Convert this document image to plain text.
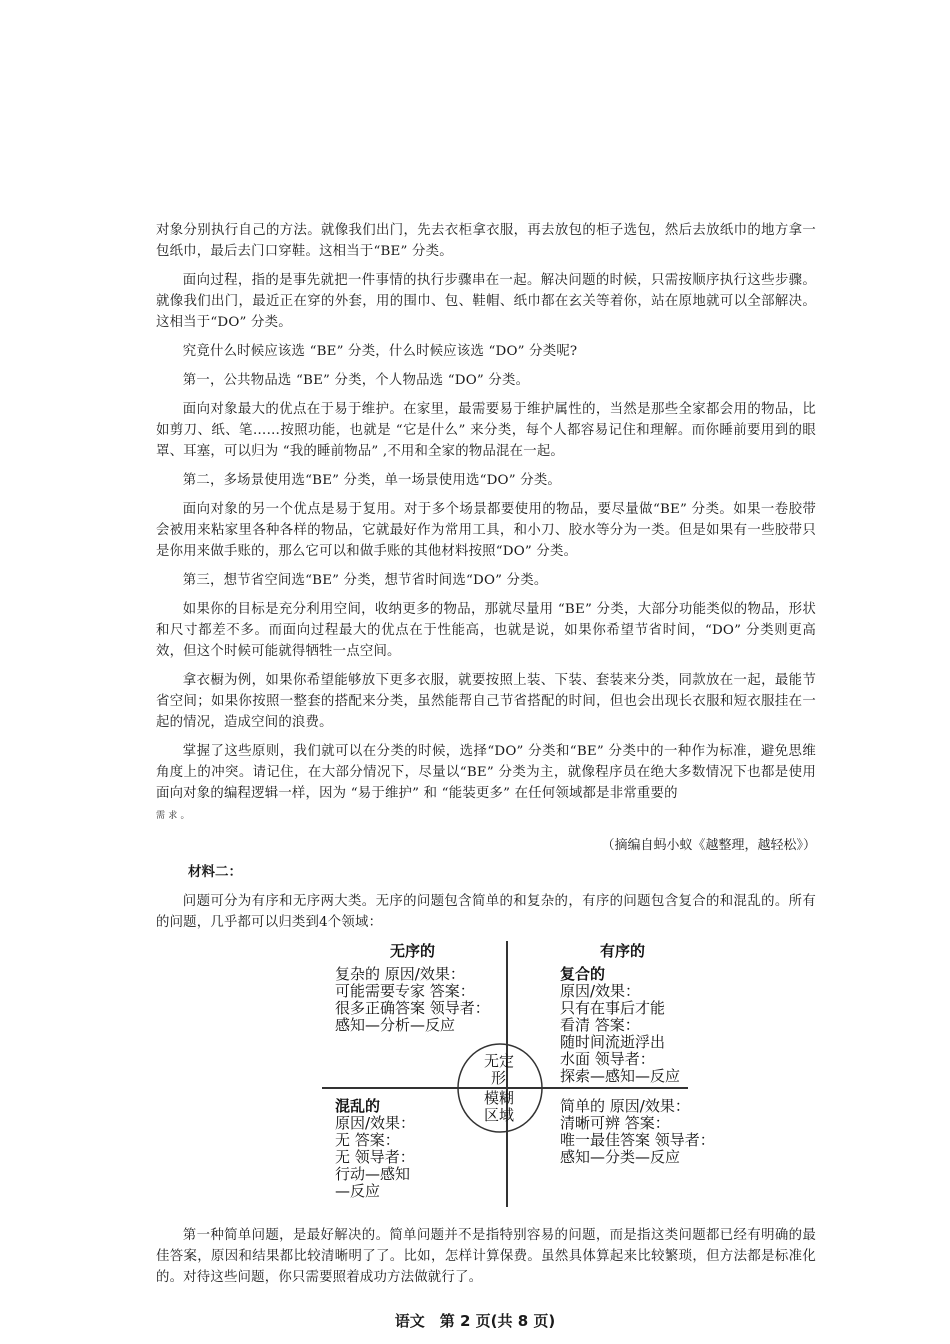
对象分别执行自己的方法。就像我们出门，先去衣柜拿衣服，再去放包的柜子选包，然后去放纸巾的地方拿一包纸巾，最后去门口穿鞋。这相当于“BE” 分类。
面向过程，指的是事先就把一件事情的执行步骤串在一起。解决问题的时候，只需按顺序执行这些步骤。就像我们出门，最近正在穿的外套，用的围巾、包、鞋帽、纸巾都在玄关等着你，站在原地就可以全部解决。这相当于“DO” 分类。
究竟什么时候应该选 “BE” 分类，什么时候应该选 “DO” 分类呢?
第一，公共物品选 “BE” 分类，个人物品选 “DO” 分类。
面向对象最大的优点在于易于维护。在家里，最需要易于维护属性的，当然是那些全家都会用的物品，比如剪刀、纸、笔……按照功能，也就是 “它是什么” 来分类，每个人都容易记住和理解。而你睡前要用到的眼罩、耳塞，可以归为 “我的睡前物品” ,不用和全家的物品混在一起。
第二，多场景使用选“BE” 分类，单一场景使用选“DO” 分类。
面向对象的另一个优点是易于复用。对于多个场景都要使用的物品，要尽量做“BE” 分类。如果一卷胶带会被用来粘家里各种各样的物品，它就最好作为常用工具，和小刀、胶水等分为一类。但是如果有一些胶带只是你用来做手账的，那么它可以和做手账的其他材料按照“DO” 分类。
第三，想节省空间选“BE” 分类，想节省时间选“DO” 分类。
如果你的目标是充分利用空间，收纳更多的物品，那就尽量用 “BE” 分类，大部分功能类似的物品，形状和尺寸都差不多。而面向过程最大的优点在于性能高，也就是说，如果你希望节省时间，“DO” 分类则更高效，但这个时候可能就得牺牲一点空间。
拿衣橱为例，如果你希望能够放下更多衣服，就要按照上装、下装、套装来分类，同款放在一起，最能节省空间；如果你按照一整套的搭配来分类，虽然能帮自己节省搭配的时间，但也会出现长衣服和短衣服挂在一起的情况，造成空间的浪费。
掌握了这些原则，我们就可以在分类的时候，选择“DO” 分类和“BE” 分类中的一种作为标准，避免思维角度上的冲突。请记住，在大部分情况下，尽量以“BE” 分类为主，就像程序员在绝大多数情况下也都是使用面向对象的编程逻辑一样，因为 “易于维护” 和 “能装更多” 在任何领域都是非常重要的
需 求 。
（摘编自蚂小蚁《越整理，越轻松》）
材料二：
问题可分为有序和无序两大类。无序的问题包含简单的和复杂的，有序的问题包含复合的和混乱的。所有的问题，几乎都可以归类到4个领域：
无序的	有序的
复杂的 原因/效果：
可能需要专家 答案：
很多正确答案 领导者：
感知—分析—反应
复合的
原因/效果：
只有在事后才能
看清 答案：
随时间流逝浮出
水面 领导者：
探索—感知—反应
无定
形
模糊
区域
混乱的
原因/效果：
无 答案：
无 领导者：
行动—感知
—反应
简单的 原因/效果：
清晰可辨 答案：
唯一最佳答案 领导者：
感知—分类—反应
第一种简单问题，是最好解决的。简单问题并不是指特别容易的问题，而是指这类问题都已经有明确的最佳答案，原因和结果都比较清晰明了了。比如，怎样计算保费。虽然具体算起来比较繁琐，但方法都是标准化的。对待这些问题，你只需要照着成功方法做就行了。
语文　第 2 页(共 8 页)
